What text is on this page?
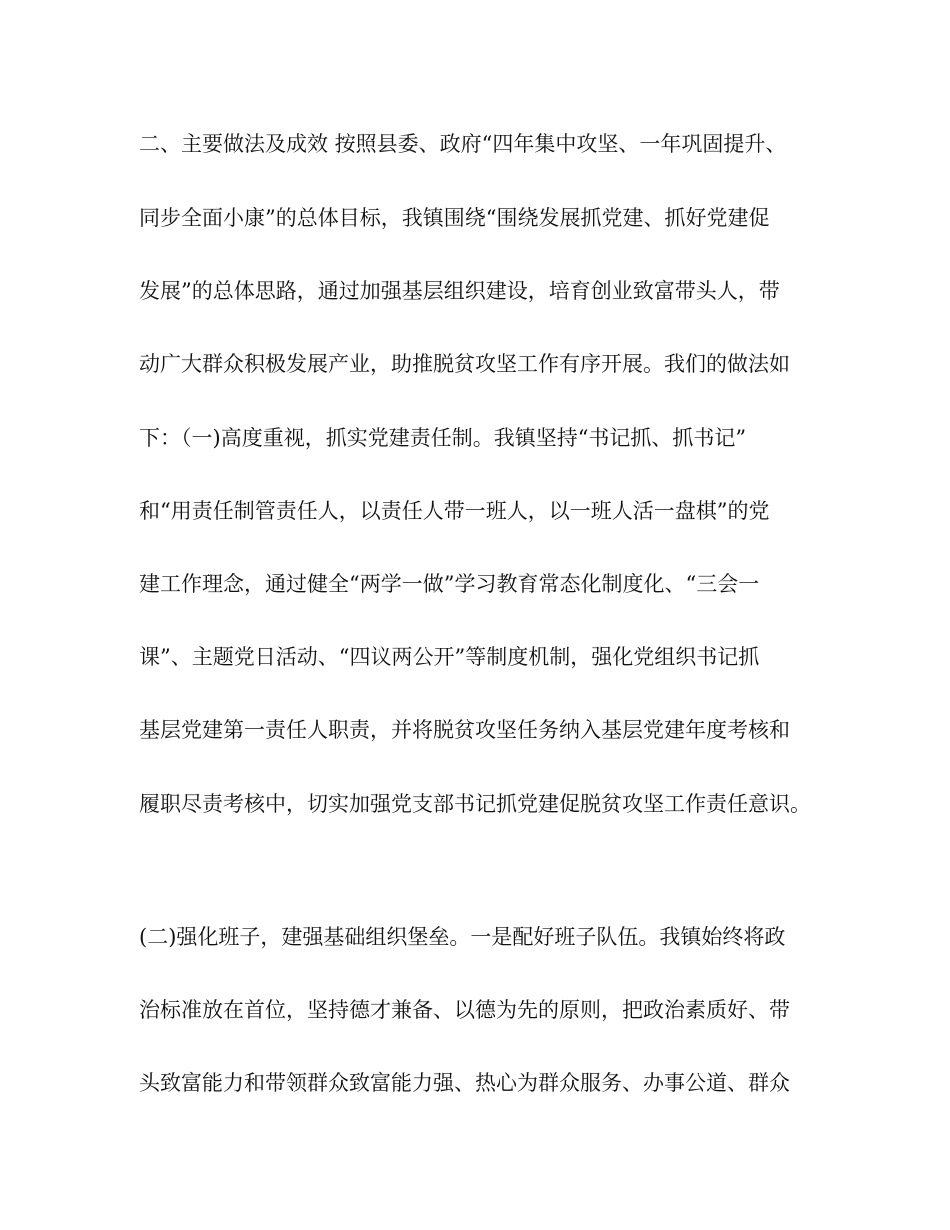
二、主要做法及成效 按照县委、政府“四年集中攻坚、一年巩固提升、
同步全面小康”的总体目标，我镇围绕“围绕发展抓党建、抓好党建促
发展”的总体思路，通过加强基层组织建设，培育创业致富带头人，带
动广大群众积极发展产业，助推脱贫攻坚工作有序开展。我们的做法如
下：（一)高度重视，抓实党建责任制。我镇坚持“书记抓、抓书记”
和“用责任制管责任人，以责任人带一班人，以一班人活一盘棋”的党
建工作理念，通过健全“两学一做”学习教育常态化制度化、“三会一
课”、主题党日活动、“四议两公开”等制度机制，强化党组织书记抓
基层党建第一责任人职责，并将脱贫攻坚任务纳入基层党建年度考核和
履职尽责考核中，切实加强党支部书记抓党建促脱贫攻坚工作责任意识。
(二)强化班子，建强基础组织堡垒。一是配好班子队伍。我镇始终将政
治标准放在首位，坚持德才兼备、以德为先的原则，把政治素质好、带
头致富能力和带领群众致富能力强、热心为群众服务、办事公道、群众
